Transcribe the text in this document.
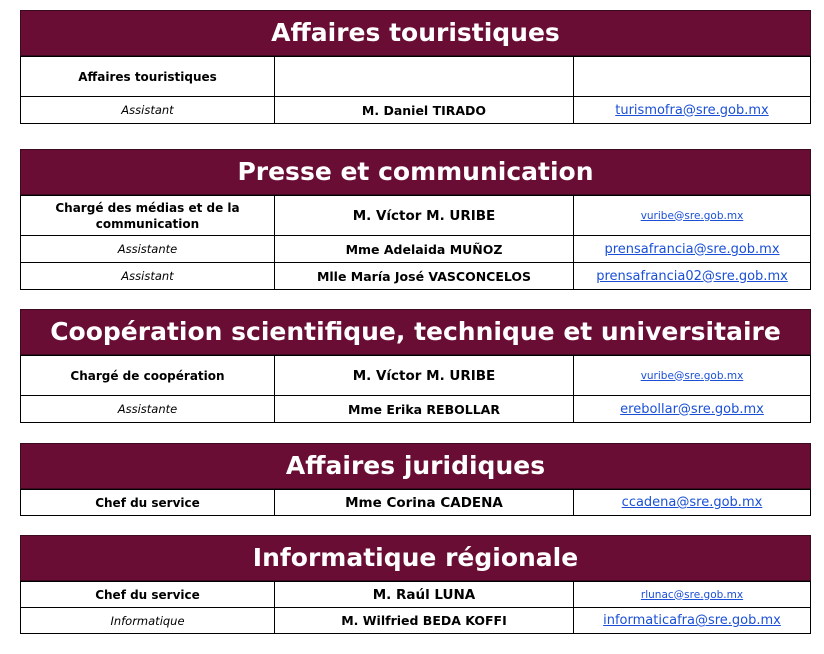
Affaires touristiques
Affaires touristiques		
Assistant	M. Daniel TIRADO	turismofra@sre.gob.mx
Presse et communication
Chargé des médias et de la communication	M. Víctor M. URIBE	vuribe@sre.gob.mx
Assistante	Mme Adelaida MUÑOZ	prensafrancia@sre.gob.mx
Assistant	Mlle María José VASCONCELOS	prensafrancia02@sre.gob.mx
Coopération scientifique, technique et universitaire
Chargé de coopération	M. Víctor M. URIBE	vuribe@sre.gob.mx
Assistante	Mme Erika REBOLLAR	erebollar@sre.gob.mx
Affaires juridiques
Chef du service	Mme Corina CADENA	ccadena@sre.gob.mx
Informatique régionale
Chef du service	M. Raúl LUNA	rlunac@sre.gob.mx
Informatique	M. Wilfried BEDA KOFFI	informaticafra@sre.gob.mx
